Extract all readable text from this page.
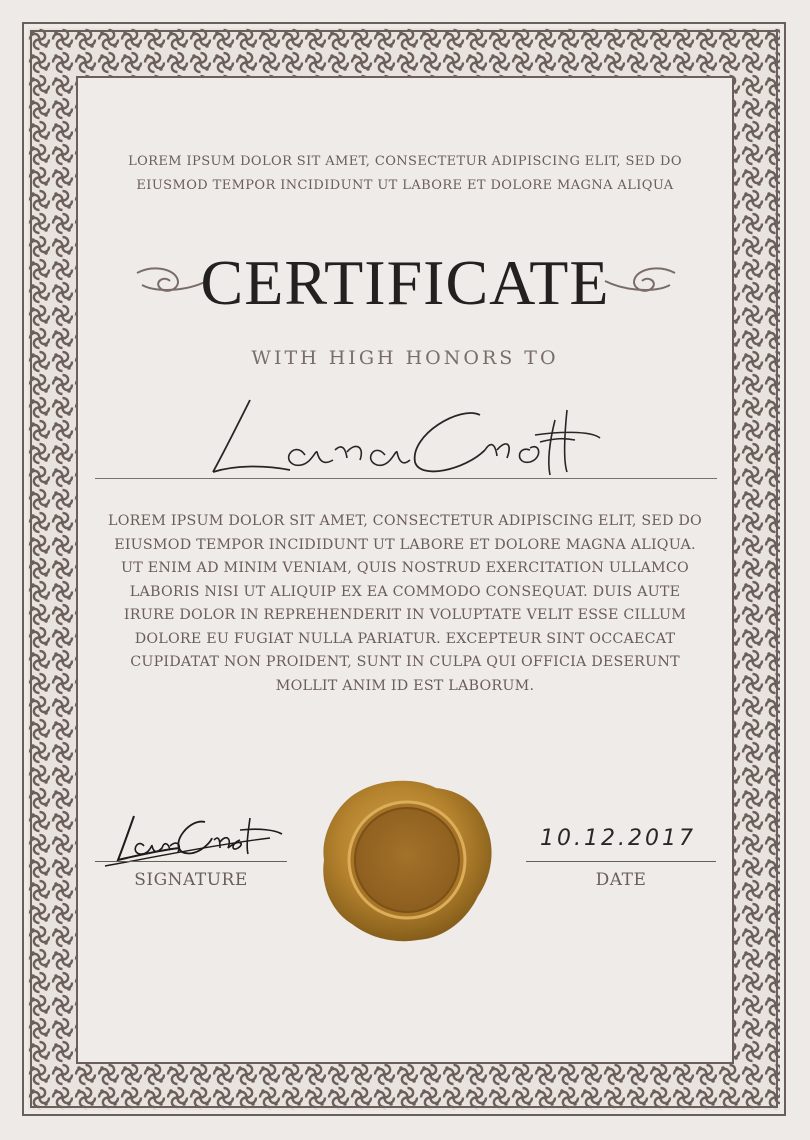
LOREM IPSUM DOLOR SIT AMET, CONSECTETUR ADIPISCING ELIT, SED DO EIUSMOD TEMPOR INCIDIDUNT UT LABORE ET DOLORE MAGNA ALIQUA
CERTIFICATE
WITH HIGH HONORS TO
LOREM IPSUM DOLOR SIT AMET, CONSECTETUR ADIPISCING ELIT, SED DO EIUSMOD TEMPOR INCIDIDUNT UT LABORE ET DOLORE MAGNA ALIQUA. UT ENIM AD MINIM VENIAM, QUIS NOSTRUD EXERCITATION ULLAMCO LABORIS NISI UT ALIQUIP EX EA COMMODO CONSEQUAT. DUIS AUTE IRURE DOLOR IN REPREHENDERIT IN VOLUPTATE VELIT ESSE CILLUM DOLORE EU FUGIAT NULLA PARIATUR. EXCEPTEUR SINT OCCAECAT CUPIDATAT NON PROIDENT, SUNT IN CULPA QUI OFFICIA DESERUNT MOLLIT ANIM ID EST LABORUM.
SIGNATURE
10.12.2017
DATE
